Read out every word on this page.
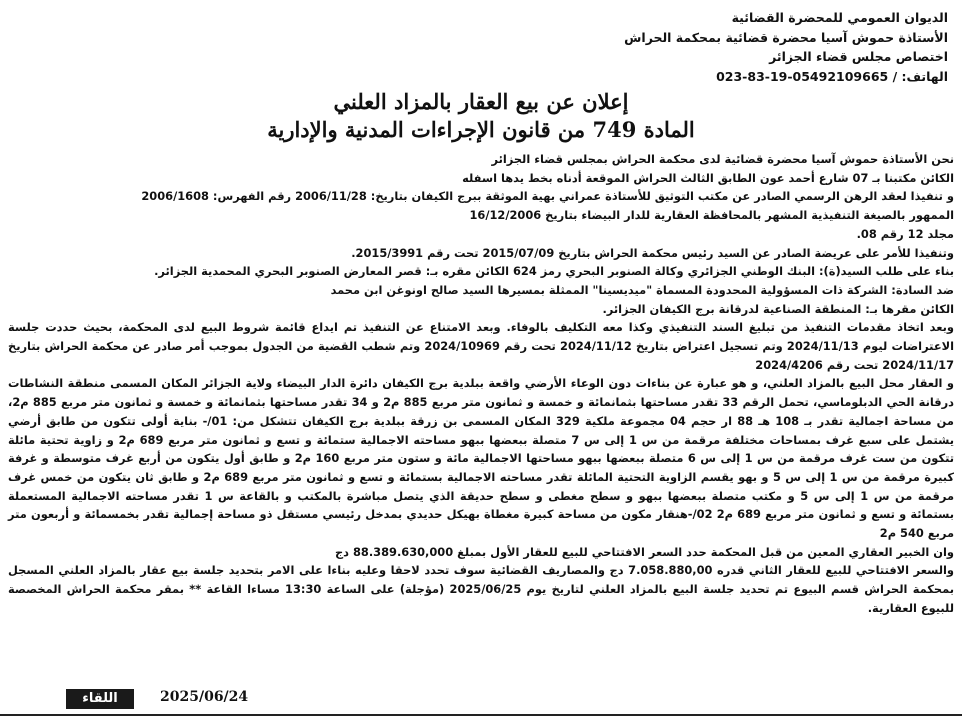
الديوان العمومي للمحضرة القضائية
الأستاذة حموش آسيا محضرة قضائية بمحكمة الحراش
اختصاص مجلس قضاء الجزائر
الهاتف: / 023-83-19-05492109665
إعلان عن بيع العقار بالمزاد العلني
المادة 749 من قانون الإجراءات المدنية والإدارية

نحن الأستاذة حموش آسيا محضرة قضائية لدى محكمة الحراش بمجلس قضاء الجزائر

الكائن مكتبنا بـ 07 شارع أحمد عون الطابق الثالث الحراش الموقعة أدناه بخط يدها اسفله

و تنفيذا لعقد الرهن الرسمي الصادر عن مكتب التوثيق للأستاذة عمراني بهية الموثقة ببرج الكيفان بتاريخ: 2006/11/28 رقم الفهرس: 2006/1608

الممهور بالصيغة التنفيذية المشهر بالمحافظة العقارية للدار البيضاء بتاريخ 16/12/2006

مجلد 12 رقم 08.

وتنفيذا للأمر على عريضة الصادر عن السيد رئيس محكمة الحراش بتاريخ 2015/07/09 تحت رقم 2015/3991.

بناء على طلب السيد(ة): البنك الوطني الجزائري وكالة الصنوبر البحري رمز 624 الكائن مقره بـ: قصر المعارض الصنوبر البحري المحمدية الجزائر.

ضد السادة: الشركة ذات المسؤولية المحدودة المسماة "ميديسينا" الممثلة بمسيرها السيد صالح اونوغن ابن محمد

الكائن مقرها بـ: المنطقة الصناعية لدرقانة برج الكيفان الجزائر.

وبعد اتخاذ مقدمات التنفيذ من تبليغ السند التنفيذي وكذا معه التكليف بالوفاء. وبعد الامتناع عن التنفيذ تم ايداع قائمة شروط البيع لدى المحكمة، بحيث حددت جلسة الاعتراضات ليوم 2024/11/13 وتم تسجيل اعتراض بتاريخ 2024/11/12 تحت رقم 2024/10969 وتم شطب القضية من الجدول بموجب أمر صادر عن محكمة الحراش بتاريخ 2024/11/17 تحت رقم 2024/4206

و العقار محل البيع بالمزاد العلني، و هو عبارة عن بناءات دون الوعاء الأرضي واقعة ببلدية برج الكيفان دائرة الدار البيضاء ولاية الجزائر المكان المسمى منطقة النشاطات درقانة الحي الدبلوماسي، تحمل الرقم 33 تقدر مساحتها بثمانمائة و خمسة و ثمانون متر مربع 885 م2 و 34 تقدر مساحتها بثمانمائة و خمسة و ثمانون متر مربع 885 م2، من مساحة اجمالية تقدر بـ 108 هـ 88 ار حجم 04 مجموعة ملكية 329 المكان المسمى بن زرقة ببلدية برج الكيفان تتشكل من: 01/- بناية أولى تتكون من طابق أرضي يشتمل على سبع غرف بمساحات مختلفة مرقمة من س 1 إلى س 7 متصلة ببعضها ببهو مساحته الاجمالية ستمائة و تسع و ثمانون متر مربع 689 م2 و زاوية تحتية مائلة تتكون من ست غرف مرقمة من س 1 إلى س 6 متصلة ببعضها ببهو مساحتها الاجمالية مائة و ستون متر مربع 160 م2 و طابق أول يتكون من أربع غرف متوسطة و غرفة كبيرة مرقمة من س 1 إلى س 5 و بهو يقسم الزاوية التحتية المائلة تقدر مساحته الاجمالية بستمائة و تسع و ثمانون متر مربع 689 م2 و طابق ثان يتكون من خمس غرف مرقمة من س 1 إلى س 5 و مكتب متصلة ببعضها ببهو و سطح مغطى و سطح حديقة الذي يتصل مباشرة بالمكتب و بالقاعة س 1 تقدر مساحته الاجمالية المستعملة بستمائة و تسع و ثمانون متر مربع 689 م2 02/-هنقار مكون من مساحة كبيرة مغطاة بهيكل حديدي بمدخل رئيسي مستقل ذو مساحة إجمالية تقدر بخمسمائة و أربعون متر مربع 540 م2

وان الخبير العقاري المعين من قبل المحكمة حدد السعر الافتتاحي للبيع للعقار الأول بمبلغ 88.389.630,000 دج

والسعر الافتتاحي للبيع للعقار الثاني قدره 7.058.880,00 دج والمصاريف القضائية سوف تحدد لاحقا وعليه بناءا على الامر بتحديد جلسة بيع عقار بالمزاد العلني المسجل بمحكمة الحراش قسم البيوع تم تحديد جلسة البيع بالمزاد العلني لتاريخ يوم 2025/06/25 (مؤجلة) على الساعة 13:30 مساءا القاعة ** بمقر محكمة الحراش المخصصة للبيوع العقارية.

اللقاء	2025/06/24
